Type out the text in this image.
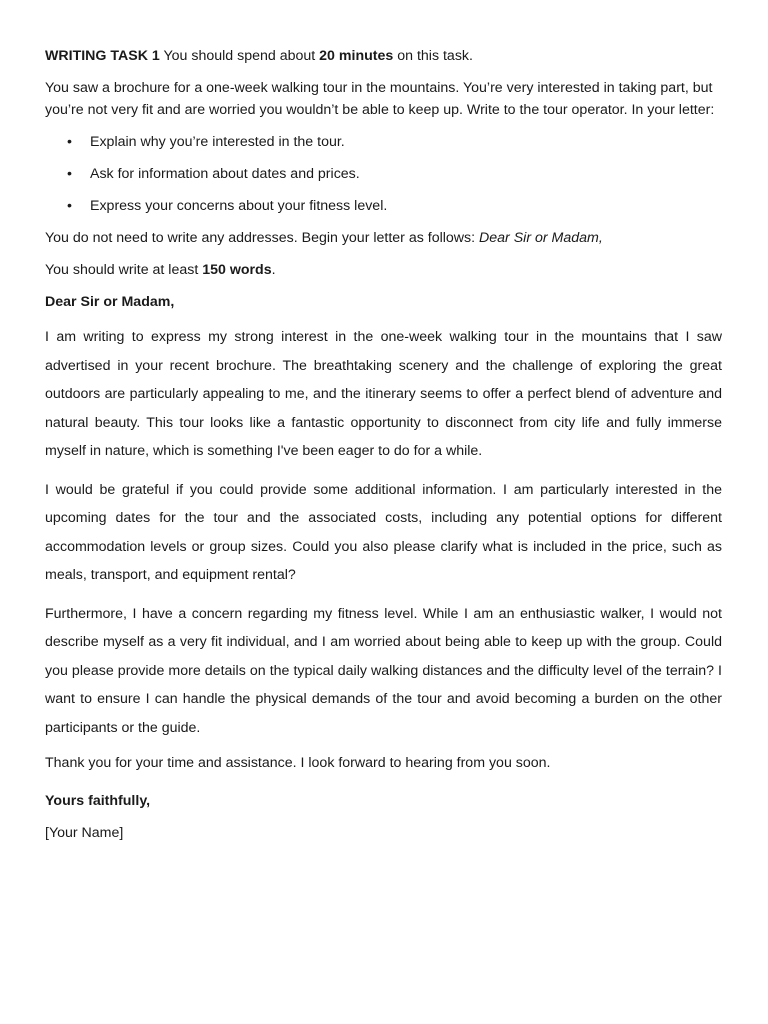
WRITING TASK 1 You should spend about 20 minutes on this task.

You saw a brochure for a one-week walking tour in the mountains. You’re very interested in taking part, but you’re not very fit and are worried you wouldn’t be able to keep up. Write to the tour operator. In your letter:

• Explain why you’re interested in the tour.
• Ask for information about dates and prices.
• Express your concerns about your fitness level.

You do not need to write any addresses. Begin your letter as follows: Dear Sir or Madam,

You should write at least 150 words.

Dear Sir or Madam,

I am writing to express my strong interest in the one-week walking tour in the mountains that I saw advertised in your recent brochure. The breathtaking scenery and the challenge of exploring the great outdoors are particularly appealing to me, and the itinerary seems to offer a perfect blend of adventure and natural beauty. This tour looks like a fantastic opportunity to disconnect from city life and fully immerse myself in nature, which is something I've been eager to do for a while.

I would be grateful if you could provide some additional information. I am particularly interested in the upcoming dates for the tour and the associated costs, including any potential options for different accommodation levels or group sizes. Could you also please clarify what is included in the price, such as meals, transport, and equipment rental?

Furthermore, I have a concern regarding my fitness level. While I am an enthusiastic walker, I would not describe myself as a very fit individual, and I am worried about being able to keep up with the group. Could you please provide more details on the typical daily walking distances and the difficulty level of the terrain? I want to ensure I can handle the physical demands of the tour and avoid becoming a burden on the other participants or the guide.

Thank you for your time and assistance. I look forward to hearing from you soon.

Yours faithfully,

[Your Name]
